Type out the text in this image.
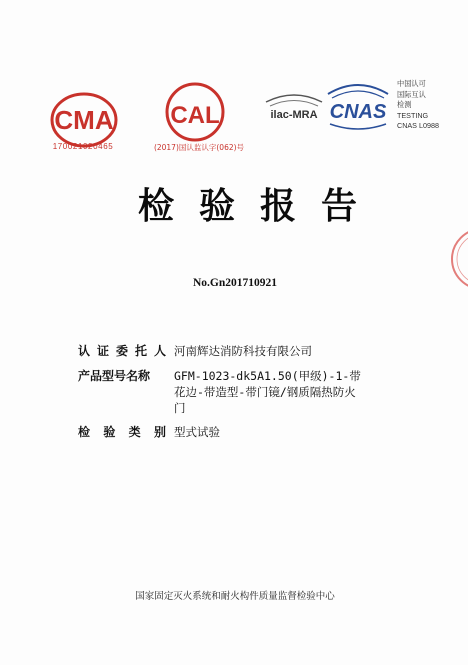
CMA
170021020465
CAL
(2017)国认监认字(062)号
ilac-MRA CNAS
中国认可
国际互认
检测
TESTING
CNAS L0988
检验报告
No.Gn201710921
认证委托人 河南辉达消防科技有限公司
产品型号名称	GFM-1023-dk5A1.50(甲级)-1-带花边-带造型-带门镜/钢质隔热防火门
检验类别 型式试验
国家固定灭火系统和耐火构件质量监督检验中心
